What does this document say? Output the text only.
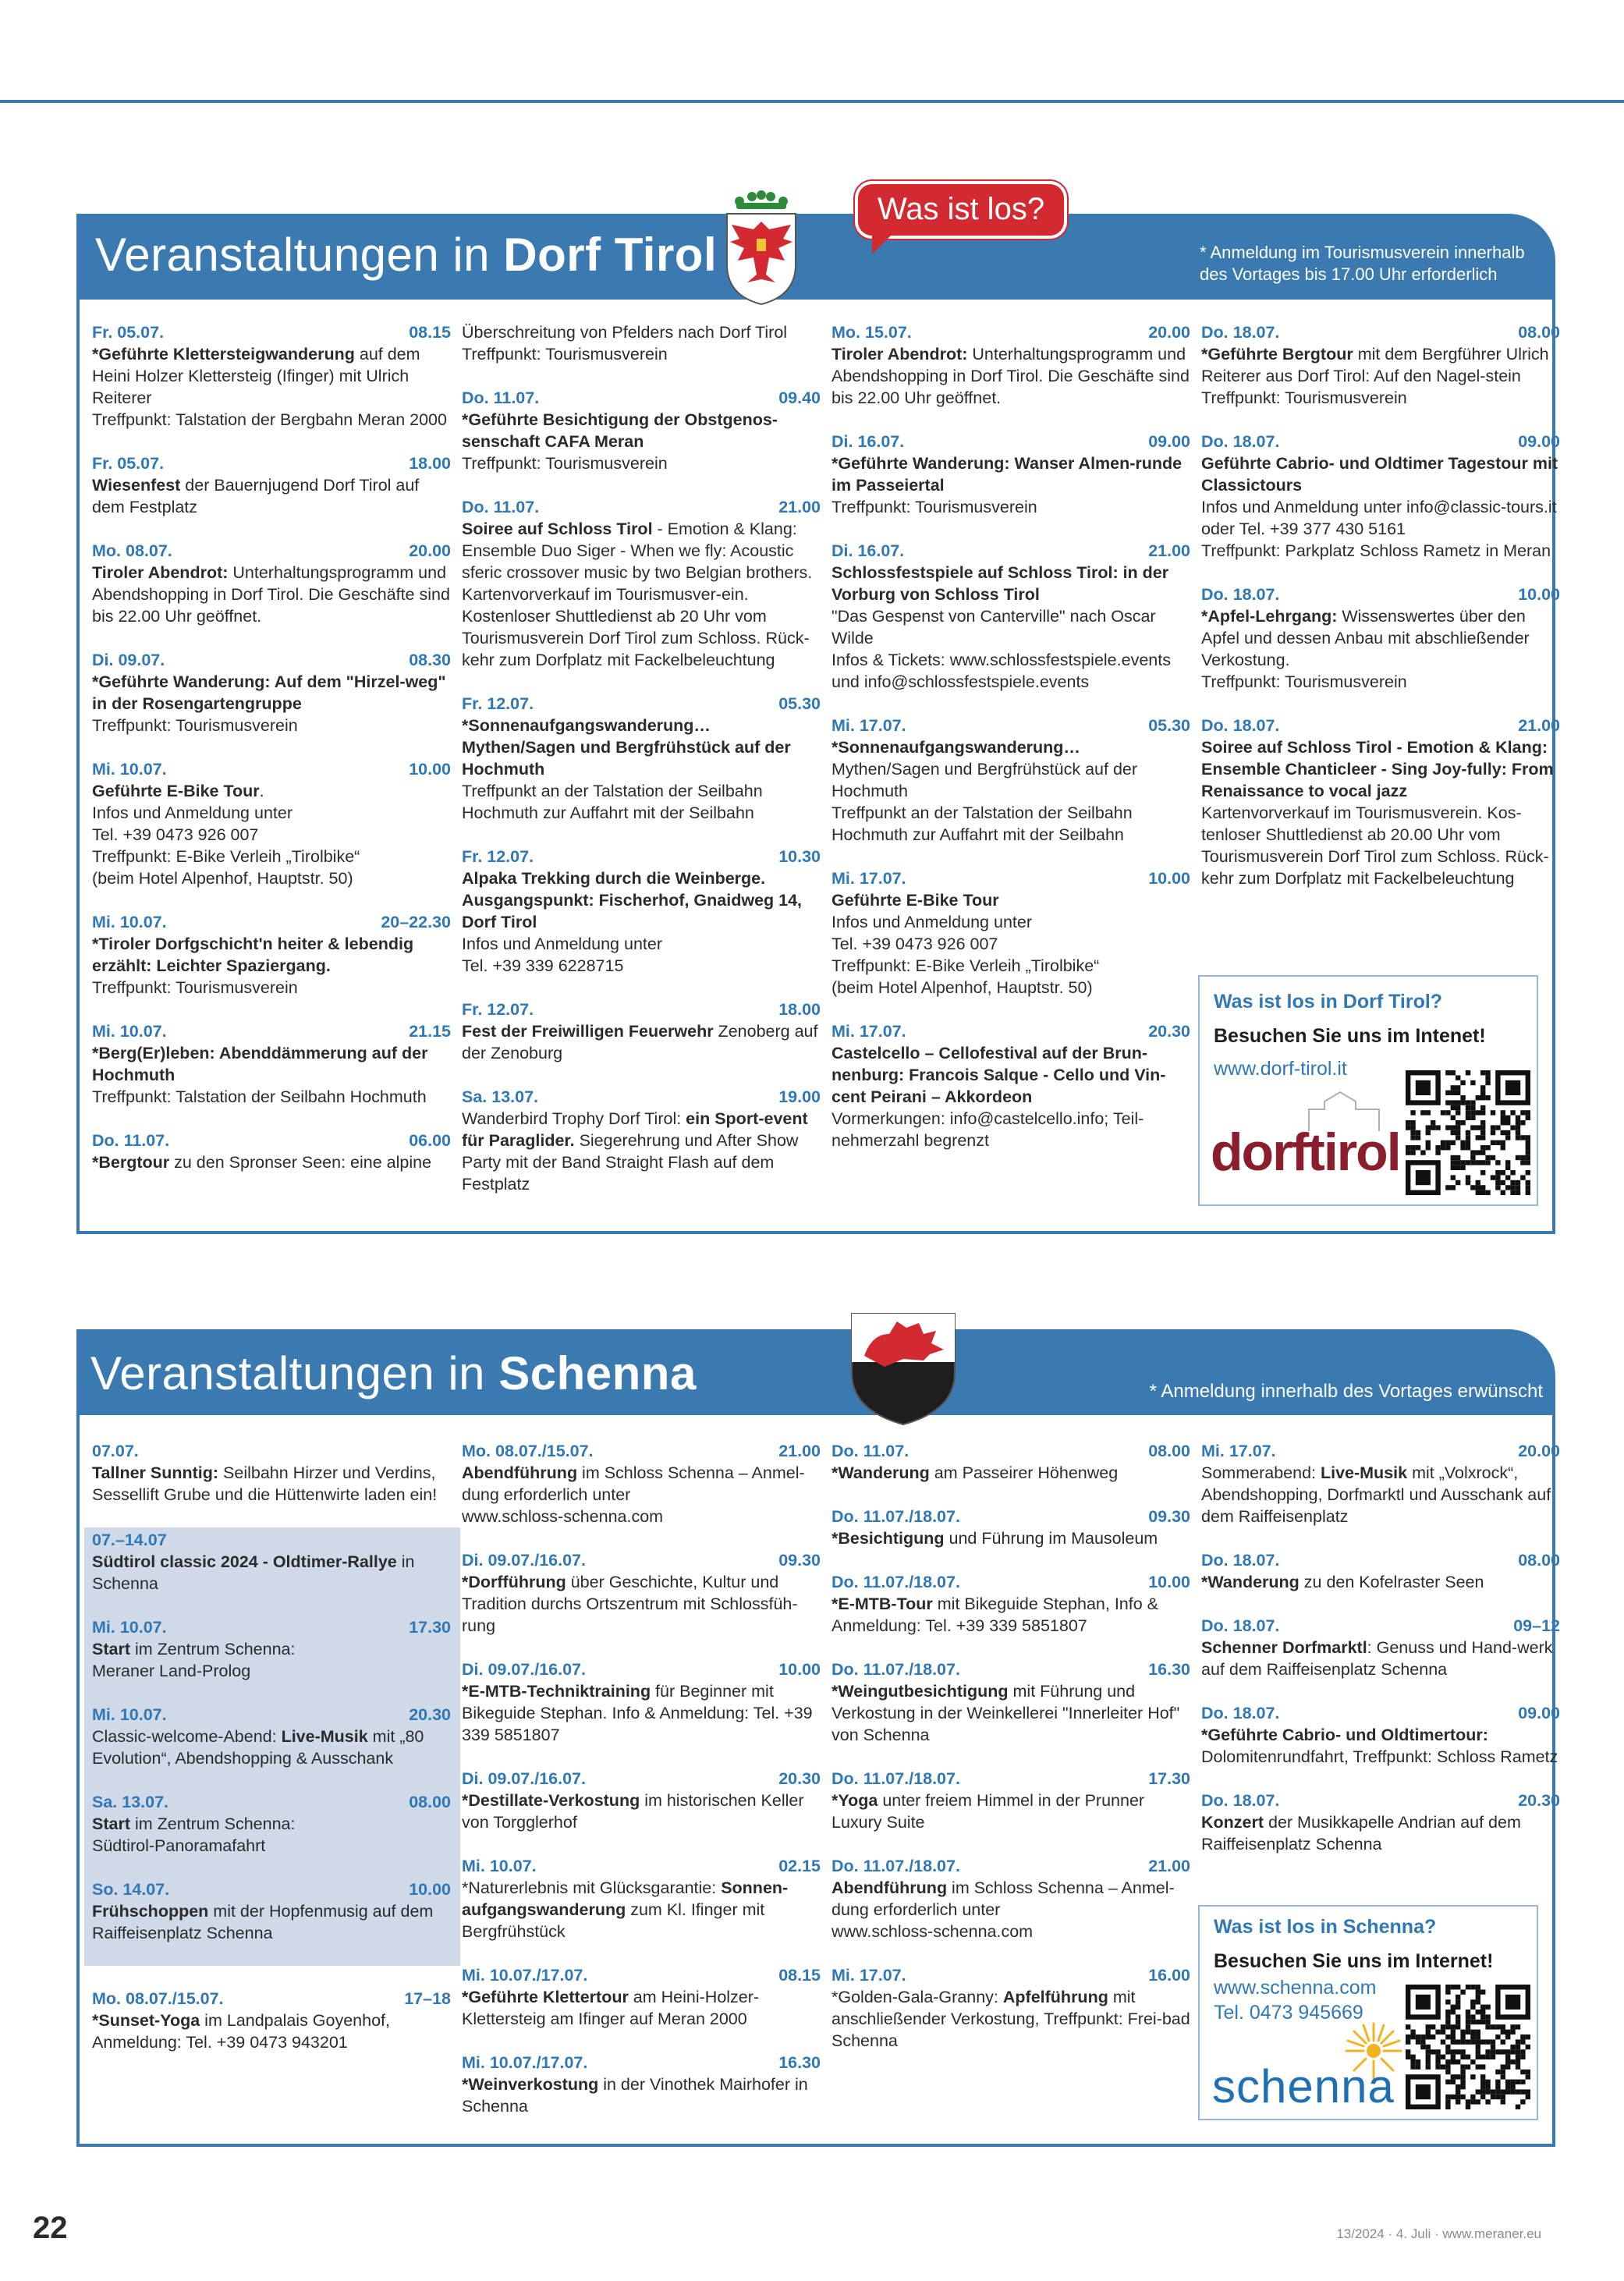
Veranstaltungen in Dorf Tirol	* Anmeldung im Tourismusverein innerhalb des Vortages bis 17.00 Uhr erforderlich
Fr. 05.07.	08.15
*Geführte Klettersteigwanderung auf dem Heini Holzer Klettersteig (Ifinger) mit Ulrich Reiterer
Treffpunkt: Talstation der Bergbahn Meran 2000
Fr. 05.07.	18.00
Wiesenfest der Bauernjugend Dorf Tirol auf dem Festplatz
Mo. 08.07.	20.00
Tiroler Abendrot: Unterhaltungsprogramm und Abendshopping in Dorf Tirol. Die Geschäfte sind bis 22.00 Uhr geöffnet.
Di. 09.07.	08.30
*Geführte Wanderung: Auf dem "Hirzel-weg" in der Rosengartengruppe
Treffpunkt: Tourismusverein
Mi. 10.07.	10.00
Geführte E-Bike Tour.
Infos und Anmeldung unter
Tel. +39 0473 926 007
Treffpunkt: E-Bike Verleih „Tirolbike“
(beim Hotel Alpenhof, Hauptstr. 50)
Mi. 10.07.	20–22.30
*Tiroler Dorfgschicht'n heiter & lebendig erzählt: Leichter Spaziergang.
Treffpunkt: Tourismusverein
Mi. 10.07.	21.15
*Berg(Er)leben: Abenddämmerung auf der Hochmuth
Treffpunkt: Talstation der Seilbahn Hochmuth
Do. 11.07.	06.00
*Bergtour zu den Spronser Seen: eine alpine
Überschreitung von Pfelders nach Dorf Tirol
Treffpunkt: Tourismusverein
Do. 11.07.	09.40
*Geführte Besichtigung der Obstgenos-senschaft CAFA Meran
Treffpunkt: Tourismusverein
Do. 11.07.	21.00
Soiree auf Schloss Tirol - Emotion & Klang: Ensemble Duo Siger - When we fly: Acoustic sferic crossover music by two Belgian brothers. Kartenvorverkauf im Tourismusver-ein. Kostenloser Shuttledienst ab 20 Uhr vom Tourismusverein Dorf Tirol zum Schloss. Rück-kehr zum Dorfplatz mit Fackelbeleuchtung
Fr. 12.07.	05.30
*Sonnenaufgangswanderung… Mythen/Sagen und Bergfrühstück auf der Hochmuth
Treffpunkt an der Talstation der Seilbahn Hochmuth zur Auffahrt mit der Seilbahn
Fr. 12.07.	10.30
Alpaka Trekking durch die Weinberge. Ausgangspunkt: Fischerhof, Gnaidweg 14, Dorf Tirol
Infos und Anmeldung unter
Tel. +39 339 6228715
Fr. 12.07.	18.00
Fest der Freiwilligen Feuerwehr Zenoberg auf der Zenoburg
Sa. 13.07.	19.00
Wanderbird Trophy Dorf Tirol: ein Sport-event für Paraglider. Siegerehrung und After Show Party mit der Band Straight Flash auf dem Festplatz
Mo. 15.07.	20.00
Tiroler Abendrot: Unterhaltungsprogramm und Abendshopping in Dorf Tirol. Die Geschäfte sind bis 22.00 Uhr geöffnet.
Di. 16.07.	09.00
*Geführte Wanderung: Wanser Almen-runde im Passeiertal
Treffpunkt: Tourismusverein
Di. 16.07.	21.00
Schlossfestspiele auf Schloss Tirol: in der Vorburg von Schloss Tirol
"Das Gespenst von Canterville" nach Oscar Wilde
Infos & Tickets: www.schlossfestspiele.events und info@schlossfestspiele.events
Mi. 17.07.	05.30
*Sonnenaufgangswanderung…
Mythen/Sagen und Bergfrühstück auf der Hochmuth
Treffpunkt an der Talstation der Seilbahn Hochmuth zur Auffahrt mit der Seilbahn
Mi. 17.07.	10.00
Geführte E-Bike Tour
Infos und Anmeldung unter
Tel. +39 0473 926 007
Treffpunkt: E-Bike Verleih „Tirolbike“
(beim Hotel Alpenhof, Hauptstr. 50)
Mi. 17.07.	20.30
Castelcello – Cellofestival auf der Brun-nenburg: Francois Salque - Cello und Vin-cent Peirani – Akkordeon
Vormerkungen: info@castelcello.info; Teil-nehmerzahl begrenzt
Do. 18.07.	08.00
*Geführte Bergtour mit dem Bergführer Ulrich Reiterer aus Dorf Tirol: Auf den Nagel-stein
Treffpunkt: Tourismusverein
Do. 18.07.	09.00
Geführte Cabrio- und Oldtimer Tagestour mit Classictours
Infos und Anmeldung unter info@classic-tours.it oder Tel. +39 377 430 5161
Treffpunkt: Parkplatz Schloss Rametz in Meran
Do. 18.07.	10.00
*Apfel-Lehrgang: Wissenswertes über den Apfel und dessen Anbau mit abschließender Verkostung.
Treffpunkt: Tourismusverein
Do. 18.07.	21.00
Soiree auf Schloss Tirol - Emotion & Klang: Ensemble Chanticleer - Sing Joy-fully: From Renaissance to vocal jazz
Kartenvorverkauf im Tourismusverein. Kos-tenloser Shuttledienst ab 20.00 Uhr vom Tourismusverein Dorf Tirol zum Schloss. Rück-kehr zum Dorfplatz mit Fackelbeleuchtung
Was ist los in Dorf Tirol?
Besuchen Sie uns im Intenet!
www.dorf-tirol.it
dorftirol
Was ist los?
Veranstaltungen in Schenna	* Anmeldung innerhalb des Vortages erwünscht
07.07.
Tallner Sunntig: Seilbahn Hirzer und Verdins, Sessellift Grube und die Hüttenwirte laden ein!
07.–14.07
Südtirol classic 2024 - Oldtimer-Rallye in Schenna
Mi. 10.07.	17.30
Start im Zentrum Schenna:
Meraner Land-Prolog
Mi. 10.07.	20.30
Classic-welcome-Abend: Live-Musik mit „80 Evolution“, Abendshopping & Ausschank
Sa. 13.07.	08.00
Start im Zentrum Schenna:
Südtirol-Panoramafahrt
So. 14.07.	10.00
Frühschoppen mit der Hopfenmusig auf dem Raiffeisenplatz Schenna
Mo. 08.07./15.07.	17–18
*Sunset-Yoga im Landpalais Goyenhof, Anmeldung: Tel. +39 0473 943201
Mo. 08.07./15.07.	21.00
Abendführung im Schloss Schenna – Anmel-dung erforderlich unter
www.schloss-schenna.com
Di. 09.07./16.07.	09.30
*Dorfführung über Geschichte, Kultur und Tradition durchs Ortszentrum mit Schlossfüh-rung
Di. 09.07./16.07.	10.00
*E-MTB-Techniktraining für Beginner mit Bikeguide Stephan. Info & Anmeldung: Tel. +39 339 5851807
Di. 09.07./16.07.	20.30
*Destillate-Verkostung im historischen Keller von Torgglerhof
Mi. 10.07.	02.15
*Naturerlebnis mit Glücksgarantie: Sonnen-aufgangswanderung zum Kl. Ifinger mit Bergfrühstück
Mi. 10.07./17.07.	08.15
*Geführte Klettertour am Heini-Holzer-Klettersteig am Ifinger auf Meran 2000
Mi. 10.07./17.07.	16.30
*Weinverkostung in der Vinothek Mairhofer in Schenna
Do. 11.07.	08.00
*Wanderung am Passeirer Höhenweg
Do. 11.07./18.07.	09.30
*Besichtigung und Führung im Mausoleum
Do. 11.07./18.07.	10.00
*E-MTB-Tour mit Bikeguide Stephan, Info & Anmeldung: Tel. +39 339 5851807
Do. 11.07./18.07.	16.30
*Weingutbesichtigung mit Führung und Verkostung in der Weinkellerei "Innerleiter Hof" von Schenna
Do. 11.07./18.07.	17.30
*Yoga unter freiem Himmel in der Prunner Luxury Suite
Do. 11.07./18.07.	21.00
Abendführung im Schloss Schenna – Anmel-dung erforderlich unter
www.schloss-schenna.com
Mi. 17.07.	16.00
*Golden-Gala-Granny: Apfelführung mit anschließender Verkostung, Treffpunkt: Frei-bad Schenna
Mi. 17.07.	20.00
Sommerabend: Live-Musik mit „Volxrock“, Abendshopping, Dorfmarktl und Ausschank auf dem Raiffeisenplatz
Do. 18.07.	08.00
*Wanderung zu den Kofelraster Seen
Do. 18.07.	09–12
Schenner Dorfmarktl: Genuss und Hand-werk auf dem Raiffeisenplatz Schenna
Do. 18.07.	09.00
*Geführte Cabrio- und Oldtimertour: Dolomitenrundfahrt, Treffpunkt: Schloss Rametz
Do. 18.07.	20.30
Konzert der Musikkapelle Andrian auf dem Raiffeisenplatz Schenna
Was ist los in Schenna?
Besuchen Sie uns im Internet!
www.schenna.com
Tel. 0473 945669
schenna
22	13/2024 · 4. Juli · www.meraner.eu
